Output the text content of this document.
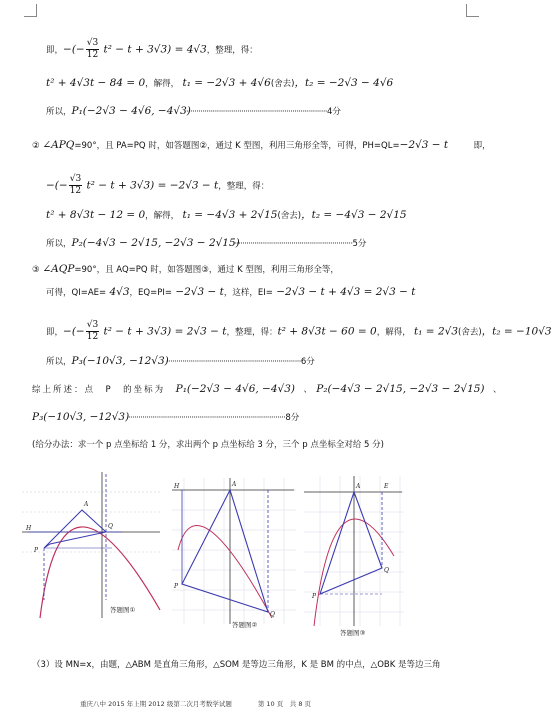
即，−(− $\frac{√3}{12} t^2 - t + 3√3) = 4√3$，整理，得：
t² + 4√3t − 84 = 0，解得， t₁ = −2√3 + 4√6(舍去)，t₂ = −2√3 − 4√6
所以，P₁(−2√3 − 4√6, −4√3)
·····································································4分
② ∠APQ=90°，且 PA=PQ 时，如答题图②，通过 K 型图，利用三角形全等，可得，PH=QL=−2√3 − t　　　即，
−(− $\frac{√3}{12} t^2 - t + 3√3) = -2√3 - t$，整理，得：
t² + 8√3t − 12 = 0，解得， t₁ = −4√3 + 2√15(舍去)，t₂ = −4√3 − 2√15
所以，P₂(−4√3 − 2√15, −2√3 − 2√15)
··························································5分
③ ∠AQP=90°，且 AQ=PQ 时，如答题图③，通过 K 型图，利用三角形全等，
可得，QI=AE= 4√3，EQ=PI= −2√3 − t，这样，EI= −2√3 − t + 4√3 = 2√3 − t
即，−(− $\frac{√3}{12} t^2 - t + 3√3) = 2√3 - t$，整理，得：t² + 8√3t − 60 = 0，解得， t₁ = 2√3(舍去)，t₂ = −10√3
所以，P₃(−10√3, −12√3)
··································································6分
综上所述：点　P　的坐标为　P₁(−2√3 − 4√6, −4√3)　、　P₂(−4√3 − 2√15, −2√3 − 2√15)　、
P₃(−10√3, −12√3)
·············································································8分
(给分办法：求一个 p 点坐标给 1 分，求出两个 p 点坐标给 3 分，三个 p 点坐标全对给 5 分)
A
Q
P
H
答题图①
A
P
Q
H
答题图②
A
Q
P
E
答题图③
（3）设 MN=x，由题，△ABM 是直角三角形，△SOM 是等边三角形，K 是 BM 的中点，△OBK 是等边三角
重庆八中 2015 年上期 2012 级第二次月考数学试题　　　　第 10 页　共 8 页
